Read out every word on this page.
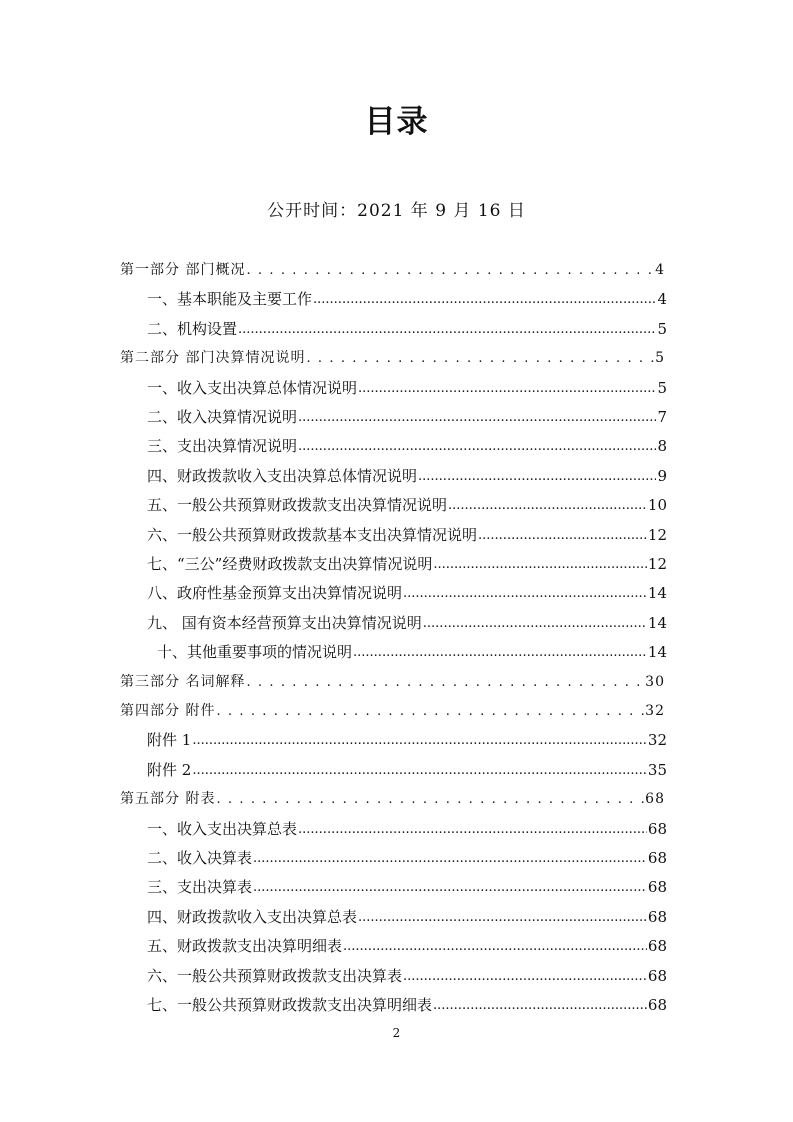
目录
公开时间：2021 年 9 月 16 日
第一部分 部门概况 . . .	4
一、基本职能及主要工作 .....	4
二、机构设置 .....	5
第二部分 部门决算情况说明 . . .	5
一、收入支出决算总体情况说明 .....	5
二、收入决算情况说明 .....	7
三、支出决算情况说明 .....	8
四、财政拨款收入支出决算总体情况说明 .....	9
五、一般公共预算财政拨款支出决算情况说明 .....	10
六、一般公共预算财政拨款基本支出决算情况说明 .....	12
七、“三公”经费财政拨款支出决算情况说明 .....	12
八、政府性基金预算支出决算情况说明 .....	14
九、 国有资本经营预算支出决算情况说明 .....	14
十、其他重要事项的情况说明 .....	14
第三部分 名词解释 . . .	30
第四部分 附件 . . .	32
附件 1 .....	32
附件 2 .....	35
第五部分 附表 . . .	68
一、收入支出决算总表 .....	68
二、收入决算表 .....	68
三、支出决算表 .....	68
四、财政拨款收入支出决算总表 .....	68
五、财政拨款支出决算明细表 .....	68
六、一般公共预算财政拨款支出决算表 .....	68
七、一般公共预算财政拨款支出决算明细表 .....	68
2
